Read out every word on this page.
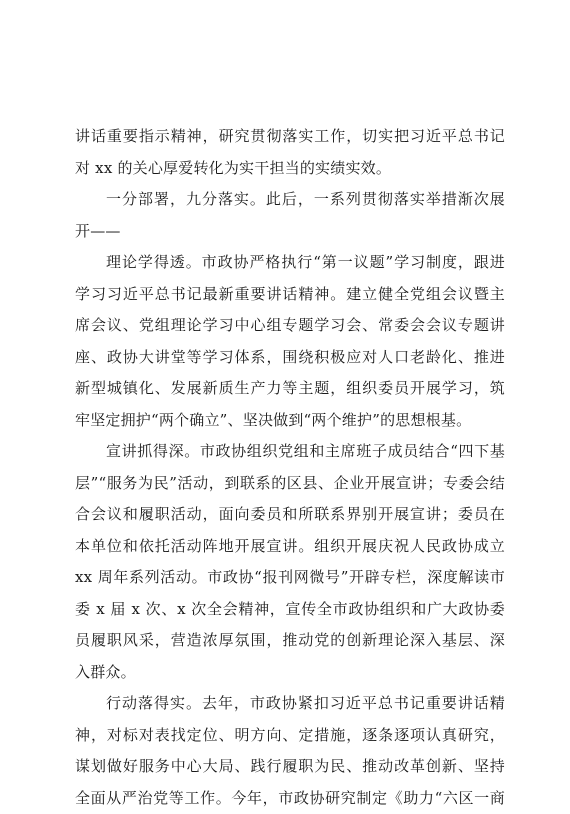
讲话重要指示精神，研究贯彻落实工作，切实把习近平总书记
对 xx 的关心厚爱转化为实干担当的实绩实效。
一分部署，九分落实。此后，一系列贯彻落实举措渐次展
开——
理论学得透。市政协严格执行“第一议题”学习制度，跟进
学习习近平总书记最新重要讲话精神。建立健全党组会议暨主
席会议、党组理论学习中心组专题学习会、常委会会议专题讲
座、政协大讲堂等学习体系，围绕积极应对人口老龄化、推进
新型城镇化、发展新质生产力等主题，组织委员开展学习，筑
牢坚定拥护“两个确立”、坚决做到“两个维护”的思想根基。
宣讲抓得深。市政协组织党组和主席班子成员结合“四下基
层”“服务为民”活动，到联系的区县、企业开展宣讲；专委会结
合会议和履职活动，面向委员和所联系界别开展宣讲；委员在
本单位和依托活动阵地开展宣讲。组织开展庆祝人民政协成立
xx 周年系列活动。市政协“报刊网微号”开辟专栏，深度解读市
委 x 届 x 次、x 次全会精神，宣传全市政协组织和广大政协委
员履职风采，营造浓厚氛围，推动党的创新理论深入基层、深
入群众。
行动落得实。去年，市政协紧扣习近平总书记重要讲话精
神，对标对表找定位、明方向、定措施，逐条逐项认真研究，
谋划做好服务中心大局、践行履职为民、推动改革创新、坚持
全面从严治党等工作。今年，市政协研究制定《助力“六区一商
